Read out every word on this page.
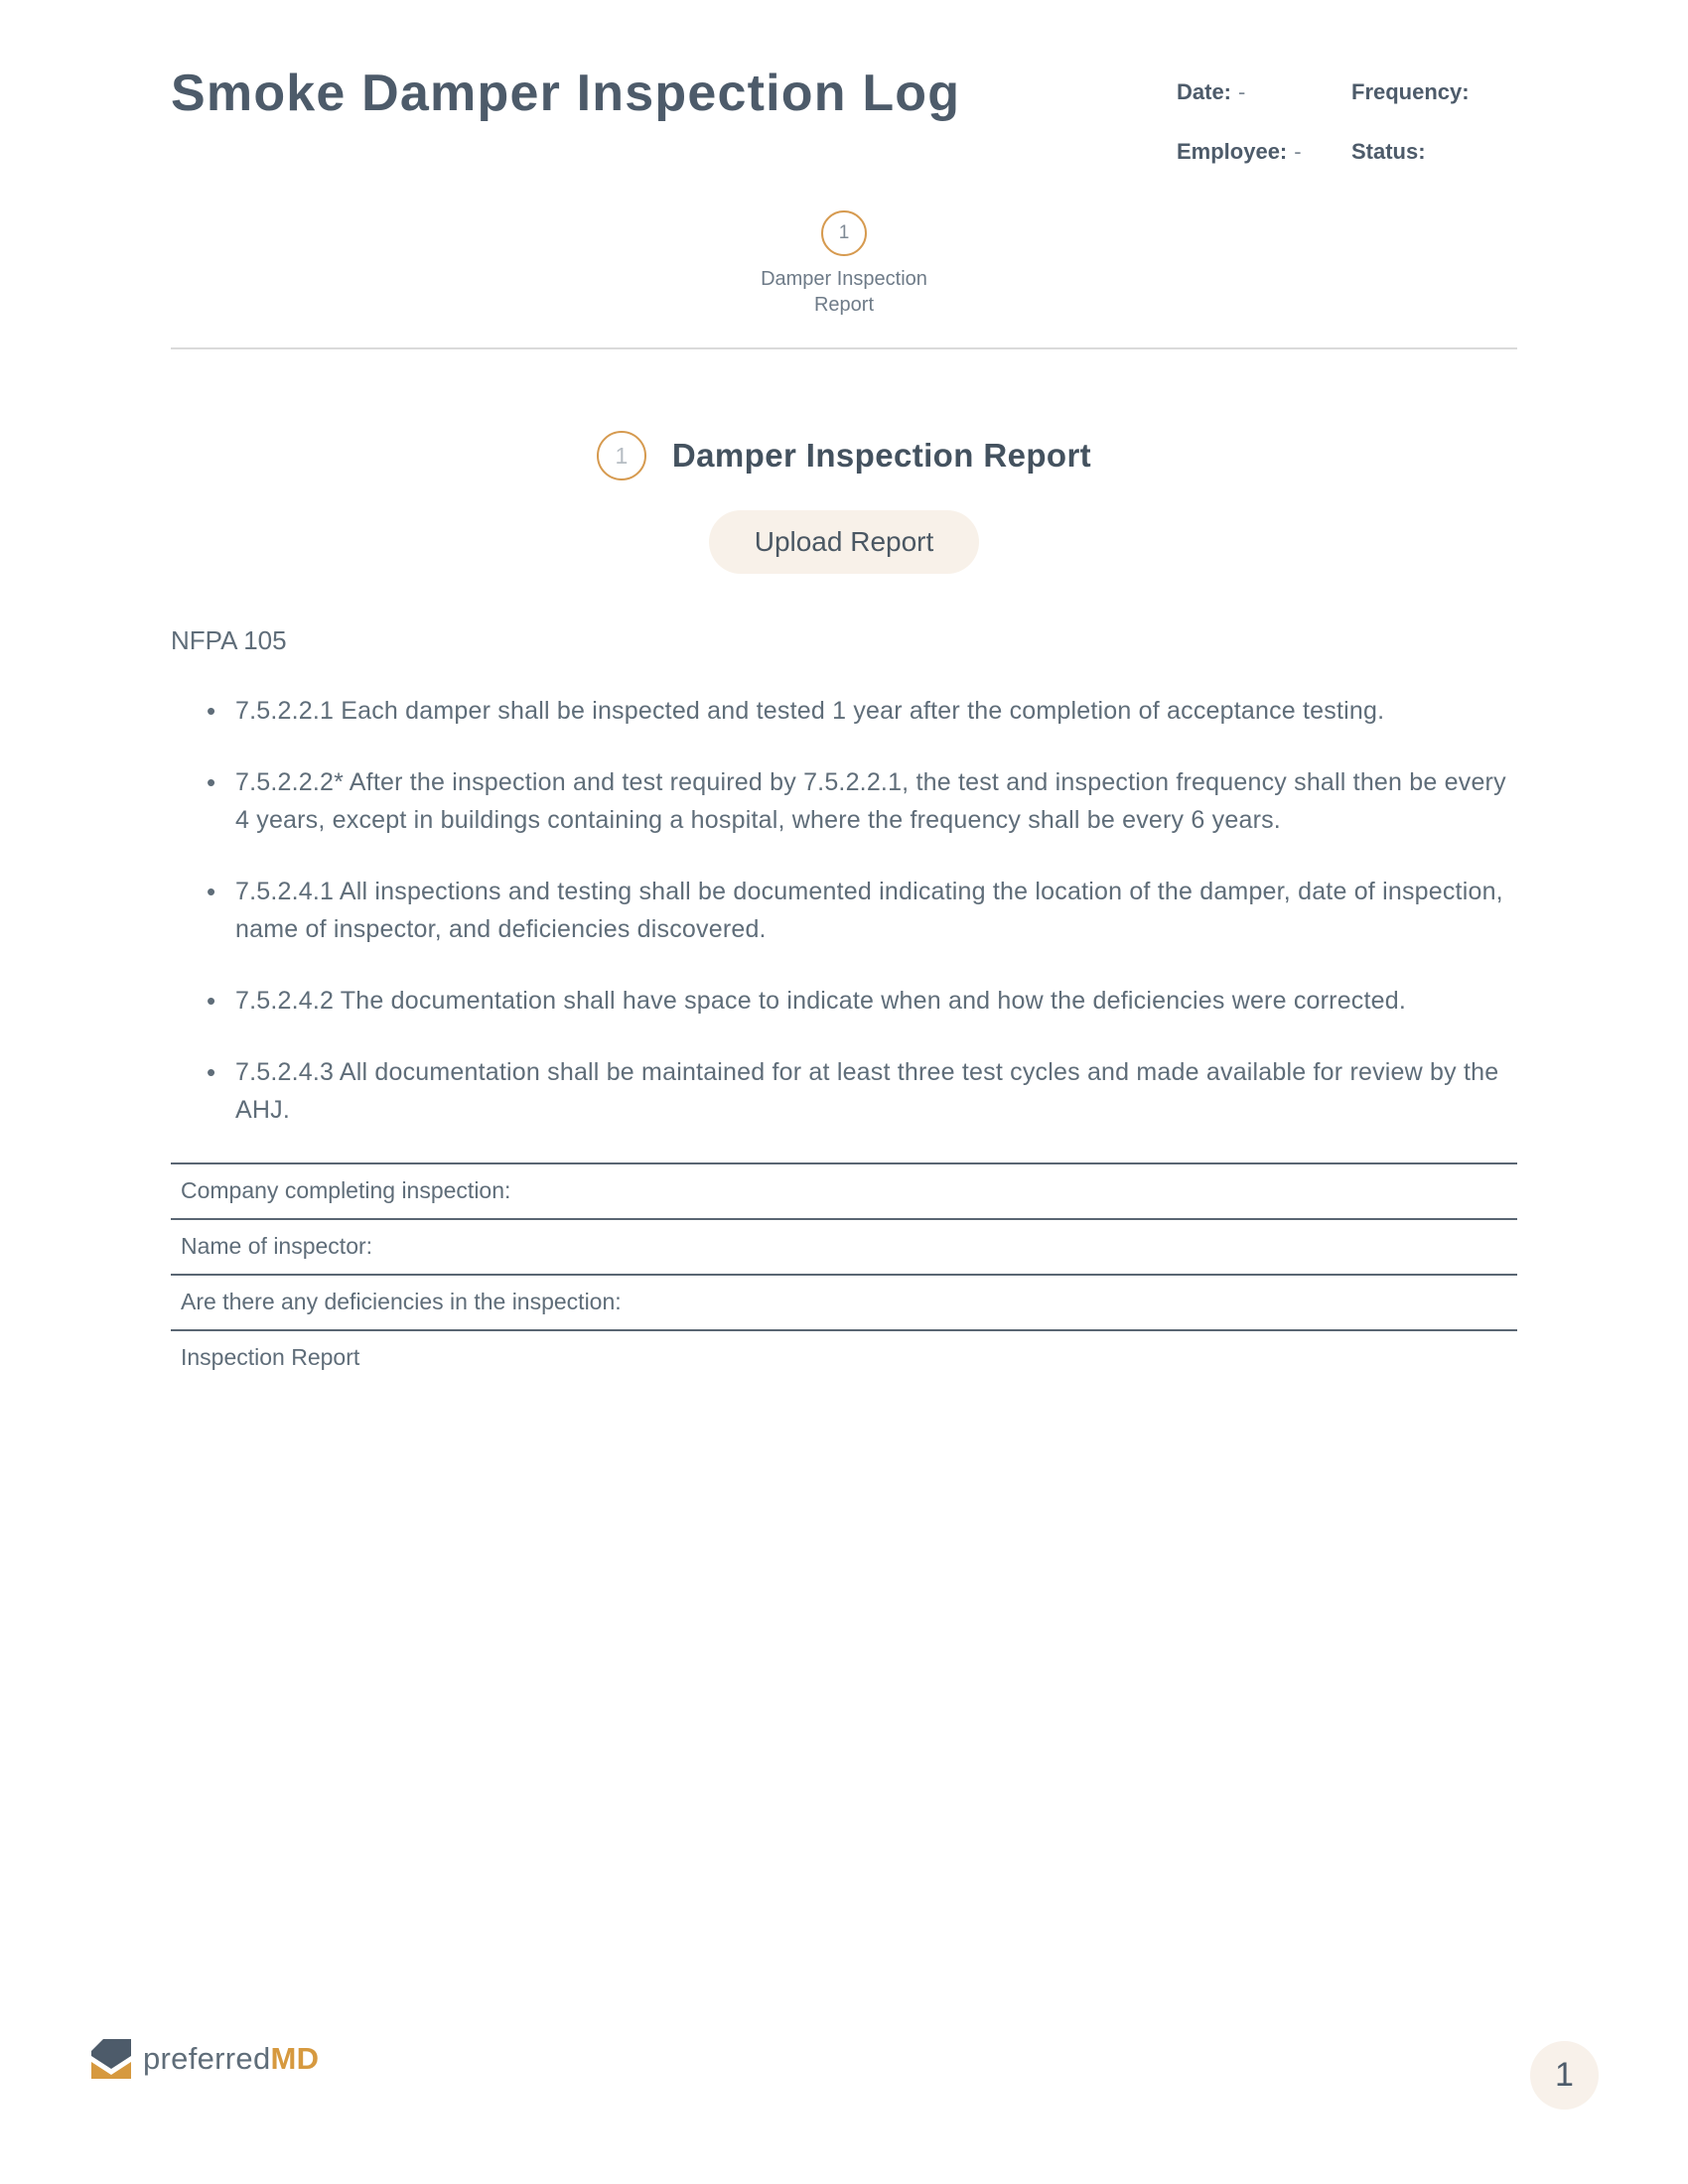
Smoke Damper Inspection Log	Date: -	Frequency:
Employee: -	Status:
1
Damper Inspection Report
1 Damper Inspection Report
Upload Report
NFPA 105
• 7.5.2.2.1 Each damper shall be inspected and tested 1 year after the completion of acceptance testing.
• 7.5.2.2.2* After the inspection and test required by 7.5.2.2.1, the test and inspection frequency shall then be every 4 years, except in buildings containing a hospital, where the frequency shall be every 6 years.
• 7.5.2.4.1 All inspections and testing shall be documented indicating the location of the damper, date of inspection, name of inspector, and deficiencies discovered.
• 7.5.2.4.2 The documentation shall have space to indicate when and how the deficiencies were corrected.
• 7.5.2.4.3 All documentation shall be maintained for at least three test cycles and made available for review by the AHJ.
Company completing inspection:
Name of inspector:
Are there any deficiencies in the inspection:
Inspection Report
preferredMD	1
